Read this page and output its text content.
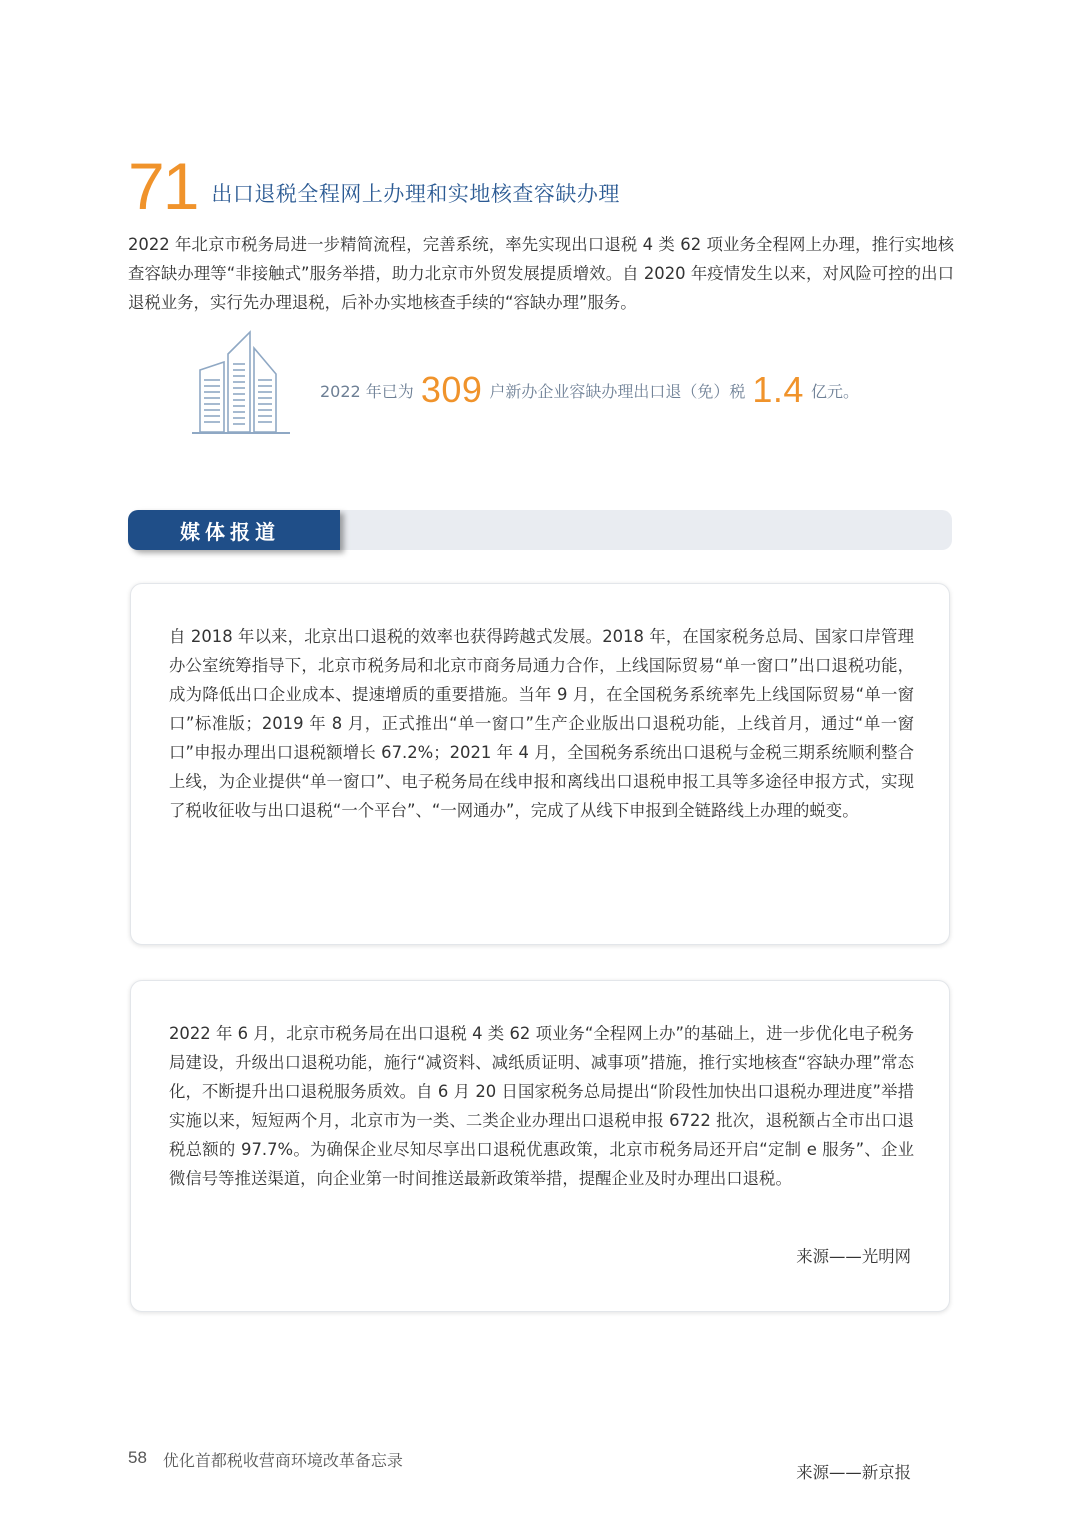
71 出口退税全程网上办理和实地核查容缺办理
2022 年北京市税务局进一步精简流程，完善系统，率先实现出口退税 4 类 62 项业务全程网上办理，推行实地核查容缺办理等“非接触式”服务举措，助力北京市外贸发展提质增效。自 2020 年疫情发生以来，对风险可控的出口退税业务，实行先办理退税，后补办实地核查手续的“容缺办理”服务。
2022 年已为 309 户新办企业容缺办理出口退（免）税 1.4 亿元。
媒体报道
自 2018 年以来，北京出口退税的效率也获得跨越式发展。2018 年，在国家税务总局、国家口岸管理办公室统筹指导下，北京市税务局和北京市商务局通力合作，上线国际贸易“单一窗口”出口退税功能，成为降低出口企业成本、提速增质的重要措施。当年 9 月，在全国税务系统率先上线国际贸易“单一窗口”标准版；2019 年 8 月，正式推出“单一窗口”生产企业版出口退税功能，上线首月，通过“单一窗口”申报办理出口退税额增长 67.2%；2021 年 4 月，全国税务系统出口退税与金税三期系统顺利整合上线，为企业提供“单一窗口”、电子税务局在线申报和离线出口退税申报工具等多途径申报方式，实现了税收征收与出口退税“一个平台”、“一网通办”，完成了从线下申报到全链路线上办理的蜕变。
来源——新京报
2022 年 6 月，北京市税务局在出口退税 4 类 62 项业务“全程网上办”的基础上，进一步优化电子税务局建设，升级出口退税功能，施行“减资料、减纸质证明、减事项”措施，推行实地核查“容缺办理”常态化，不断提升出口退税服务质效。自 6 月 20 日国家税务总局提出“阶段性加快出口退税办理进度”举措实施以来，短短两个月，北京市为一类、二类企业办理出口退税申报 6722 批次，退税额占全市出口退税总额的 97.7%。为确保企业尽知尽享出口退税优惠政策，北京市税务局还开启“定制 e 服务”、企业微信号等推送渠道，向企业第一时间推送最新政策举措，提醒企业及时办理出口退税。
来源——光明网
58 优化首都税收营商环境改革备忘录
